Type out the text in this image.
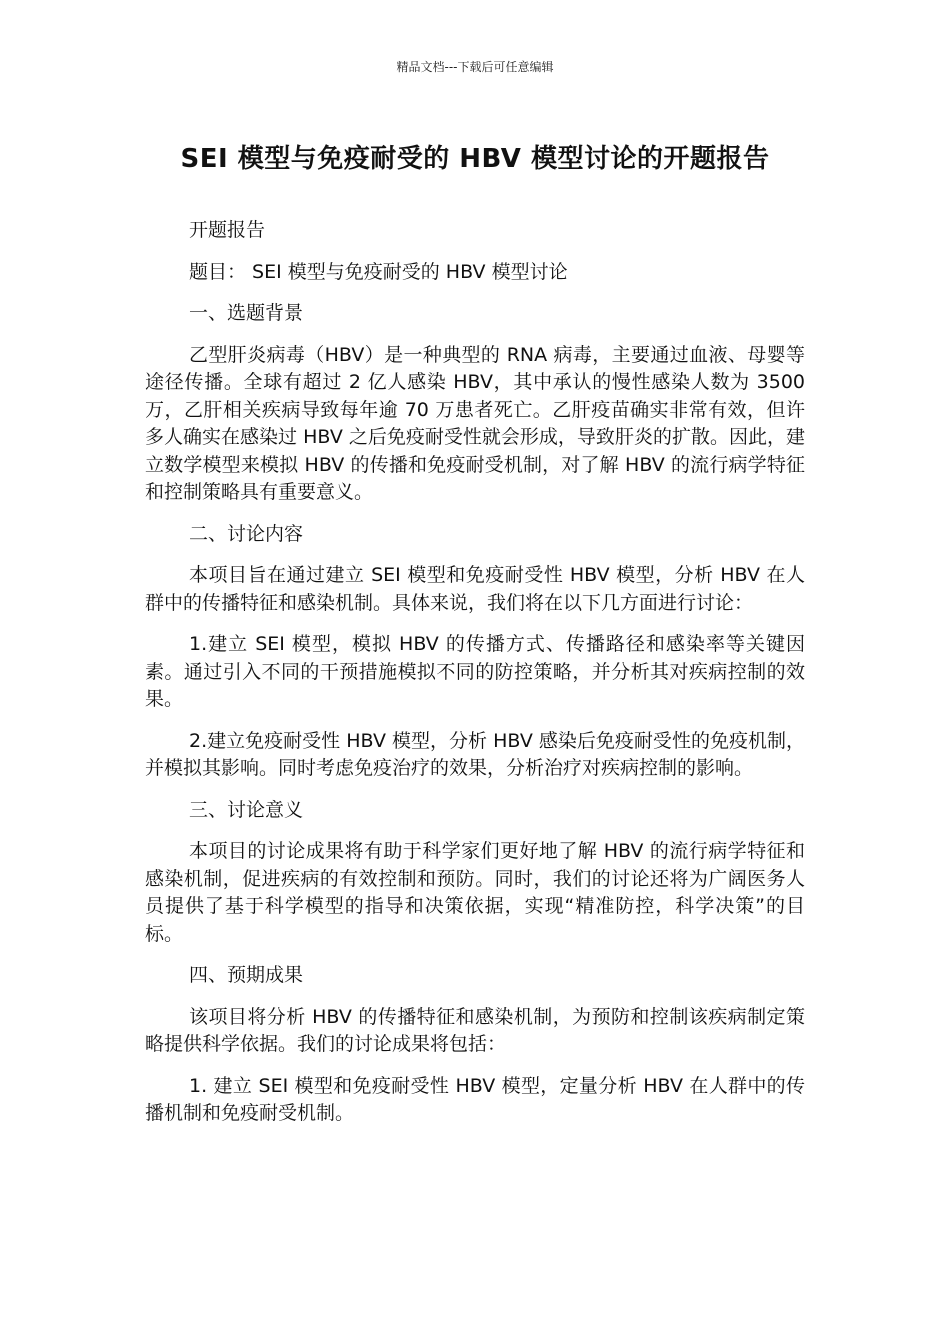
精品文档---下载后可任意编辑
SEI 模型与免疫耐受的 HBV 模型讨论的开题报告

开题报告

题目： SEI 模型与免疫耐受的 HBV 模型讨论

一、选题背景

乙型肝炎病毒（HBV）是一种典型的 RNA 病毒，主要通过血液、母婴等途径传播。全球有超过 2 亿人感染 HBV，其中承认的慢性感染人数为 3500 万，乙肝相关疾病导致每年逾 70 万患者死亡。乙肝疫苗确实非常有效，但许多人确实在感染过 HBV 之后免疫耐受性就会形成，导致肝炎的扩散。因此，建立数学模型来模拟 HBV 的传播和免疫耐受机制，对了解 HBV 的流行病学特征和控制策略具有重要意义。

二、讨论内容

本项目旨在通过建立 SEI 模型和免疫耐受性 HBV 模型，分析 HBV 在人群中的传播特征和感染机制。具体来说，我们将在以下几方面进行讨论：

1.建立 SEI 模型，模拟 HBV 的传播方式、传播路径和感染率等关键因素。通过引入不同的干预措施模拟不同的防控策略，并分析其对疾病控制的效果。

2.建立免疫耐受性 HBV 模型，分析 HBV 感染后免疫耐受性的免疫机制，并模拟其影响。同时考虑免疫治疗的效果，分析治疗对疾病控制的影响。

三、讨论意义

本项目的讨论成果将有助于科学家们更好地了解 HBV 的流行病学特征和感染机制，促进疾病的有效控制和预防。同时，我们的讨论还将为广阔医务人员提供了基于科学模型的指导和决策依据，实现“精准防控，科学决策”的目标。

四、预期成果

该项目将分析 HBV 的传播特征和感染机制，为预防和控制该疾病制定策略提供科学依据。我们的讨论成果将包括：

1. 建立 SEI 模型和免疫耐受性 HBV 模型，定量分析 HBV 在人群中的传播机制和免疫耐受机制。
